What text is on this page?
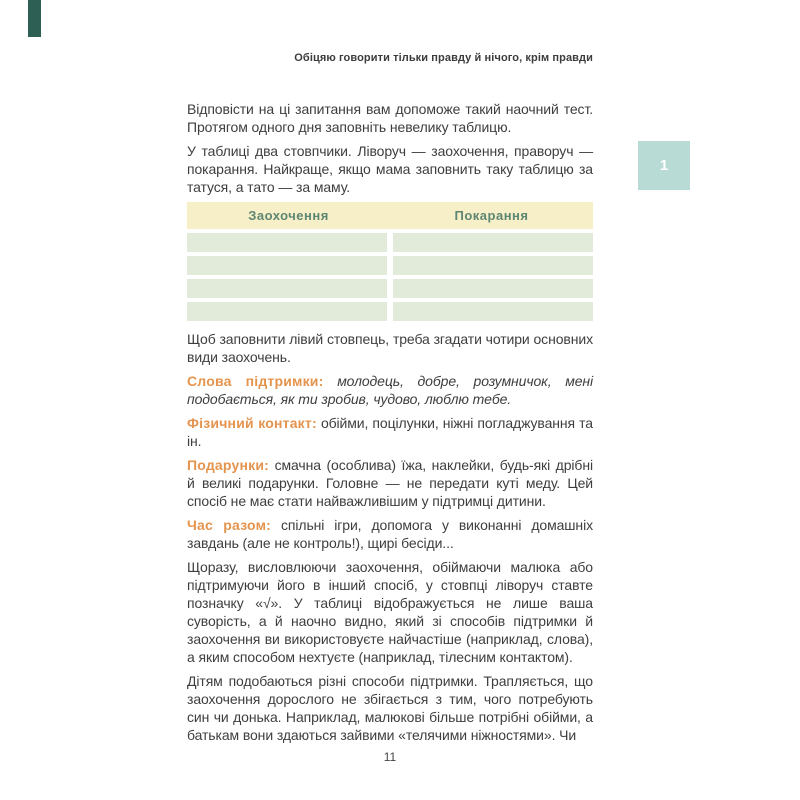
1
Обіцяю говорити тільки правду й нічого, крім правди

Відповісти на ці запитання вам допоможе такий наочний тест. Протягом одного дня заповніть невелику таблицю.

У таблиці два стовпчики. Ліворуч — заохочення, праворуч — покарання. Найкраще, якщо мама заповнить таку таблицю за татуся, а тато — за маму.

Заохочення	Покарання

Щоб заповнити лівий стовпець, треба згадати чотири основних види заохочень.

Слова підтримки: молодець, добре, розумничок, мені подобається, як ти зробив, чудово, люблю тебе.

Фізичний контакт: обійми, поцілунки, ніжні погладжування та ін.

Подарунки: смачна (особлива) їжа, наклейки, будь-які дрібні й великі подарунки. Головне — не передати куті меду. Цей спосіб не має стати найважливішим у підтримці дитини.

Час разом: спільні ігри, допомога у виконанні домашніх завдань (але не контроль!), щирі бесіди...

Щоразу, висловлюючи заохочення, обіймаючи малюка або підтримуючи його в інший спосіб, у стовпці ліворуч ставте позначку «√». У таблиці відображується не лише ваша суворість, а й наочно видно, який зі способів підтримки й заохочення ви використовуєте найчастіше (наприклад, слова), а яким способом нехтуєте (наприклад, тілесним контактом).

Дітям подобаються різні способи підтримки. Трапляється, що заохочення дорослого не збігається з тим, чого потребують син чи донька. Наприклад, малюкові більше потрібні обійми, а батькам вони здаються зайвими «телячими ніжностями». Чи

11
